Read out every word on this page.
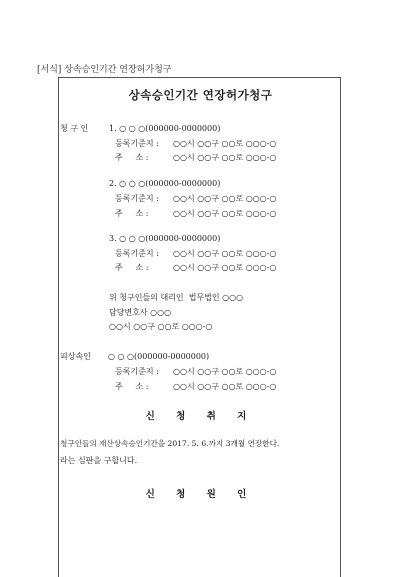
[서식] 상속승인기간 연장허가청구
상속승인기간 연장허가청구
청 구 인	1. ○ ○ ○(000000-0000000)
등록기준지 : ○○시 ○○구 ○○로 ○○○-○
주     소 :	○○시 ○○구 ○○로 ○○○-○
2. ○ ○ ○(000000-0000000)
등록기준지 : ○○시 ○○구 ○○로 ○○○-○
주     소 :	○○시 ○○구 ○○로 ○○○-○
3. ○ ○ ○(000000-0000000)
등록기준지 : ○○시 ○○구 ○○로 ○○○-○
주     소 :	○○시 ○○구 ○○로 ○○○-○
위 청구인들의 대리인  법무법인 ○○○
담당변호사 ○○○
○○시 ○○구 ○○로 ○○○-○
피상속인 ○ ○ ○(000000-0000000)
등록기준지 : ○○시 ○○구 ○○로 ○○○-○
주     소 :	○○시 ○○구 ○○로 ○○○-○
신 청 취 지
청구인들의 재산상속승인기간을 2017. 5. 6.까지 3개월 연장한다.
라는 심판을 구합니다.
신 청 원 인
